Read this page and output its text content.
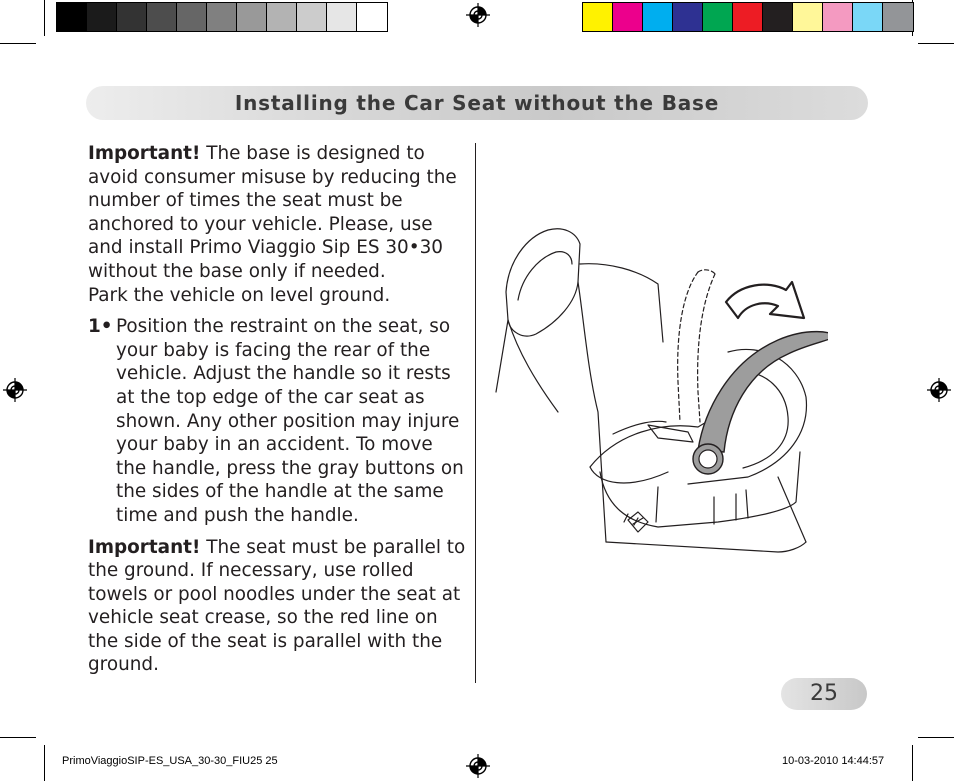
Installing the Car Seat without the Base

Important! The base is designed to avoid consumer misuse by reducing the number of times the seat must be anchored to your vehicle. Please, use and install Primo Viaggio Sip ES 30•30 without the base only if needed.
Park the vehicle on level ground.

1• Position the restraint on the seat, so your baby is facing the rear of the vehicle. Adjust the handle so it rests at the top edge of the car seat as shown. Any other position may injure your baby in an accident. To move the handle, press the gray buttons on the sides of the handle at the same time and push the handle.

Important! The seat must be parallel to the ground. If necessary, use rolled towels or pool noodles under the seat at vehicle seat crease, so the red line on the side of the seat is parallel with the ground.

25
PrimoViaggioSIP-ES_USA_30-30_FIU25 25	10-03-2010 14:44:57
